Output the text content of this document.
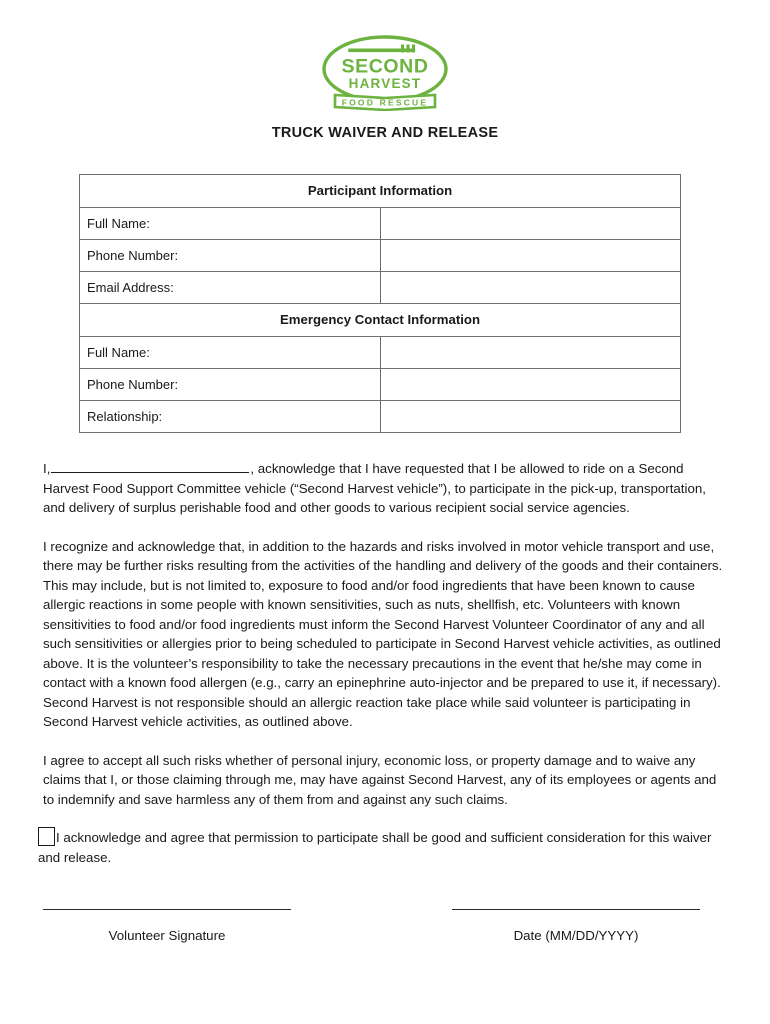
SECOND
HARVEST
FOOD RESCUE
TRUCK WAIVER AND RELEASE
Participant Information	
Full Name:	
Phone Number:	
Email Address:	
Emergency Contact Information	
Full Name:	
Phone Number:	
Relationship:	

I,	, acknowledge that I have requested that I be allowed to ride on a Second Harvest Food Support Committee vehicle (“Second Harvest vehicle”), to participate in the pick-up, transportation, and delivery of surplus perishable food and other goods to various recipient social service agencies.

I recognize and acknowledge that, in addition to the hazards and risks involved in motor vehicle transport and use, there may be further risks resulting from the activities of the handling and delivery of the goods and their containers. This may include, but is not limited to, exposure to food and/or food ingredients that have been known to cause allergic reactions in some people with known sensitivities, such as nuts, shellfish, etc. Volunteers with known sensitivities to food and/or food ingredients must inform the Second Harvest Volunteer Coordinator of any and all such sensitivities or allergies prior to being scheduled to participate in Second Harvest vehicle activities, as outlined above. It is the volunteer’s responsibility to take the necessary precautions in the event that he/she may come in contact with a known food allergen (e.g., carry an epinephrine auto-injector and be prepared to use it, if necessary). Second Harvest is not responsible should an allergic reaction take place while said volunteer is participating in Second Harvest vehicle activities, as outlined above.

I agree to accept all such risks whether of personal injury, economic loss, or property damage and to waive any claims that I, or those claiming through me, may have against Second Harvest, any of its employees or agents and to indemnify and save harmless any of them from and against any such claims.

I acknowledge and agree that permission to participate shall be good and sufficient consideration for this waiver and release.

Volunteer Signature	Date (MM/DD/YYYY)
